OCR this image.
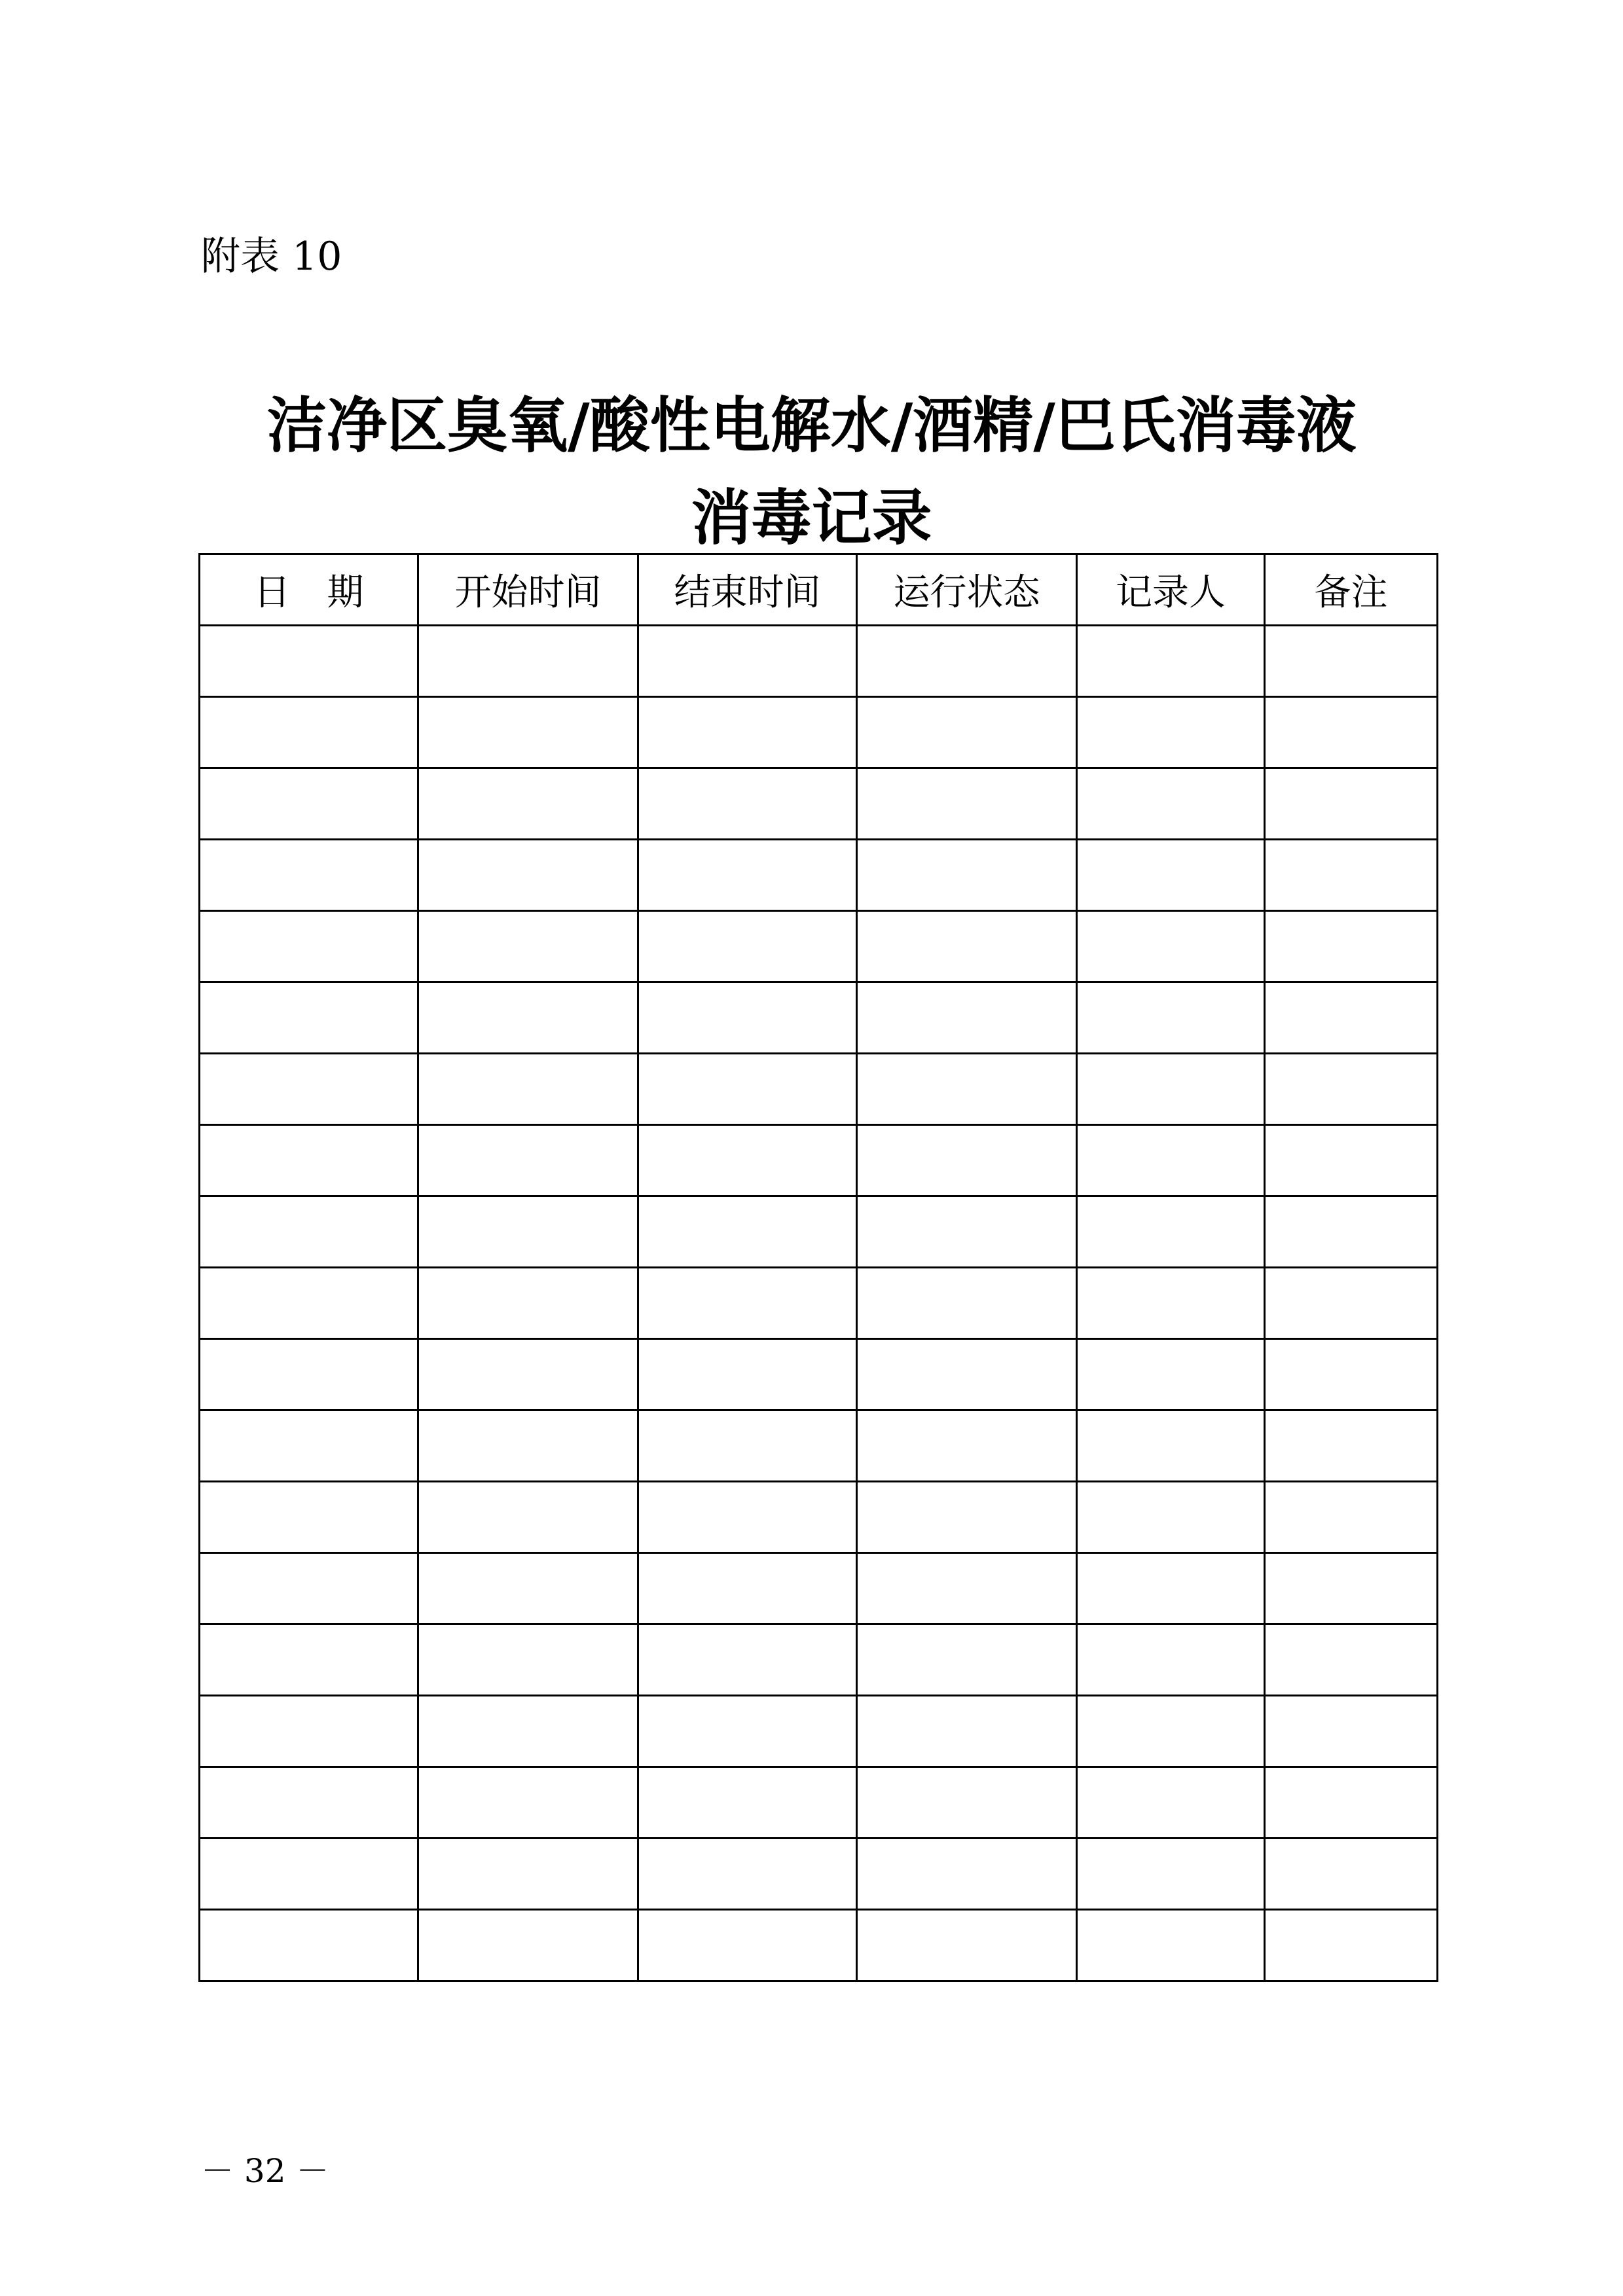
附表 10
洁净区臭氧/酸性电解水/酒精/巴氏消毒液
消毒记录
日　期	开始时间	结束时间	运行状态	记录人	备注

－ 32 －
